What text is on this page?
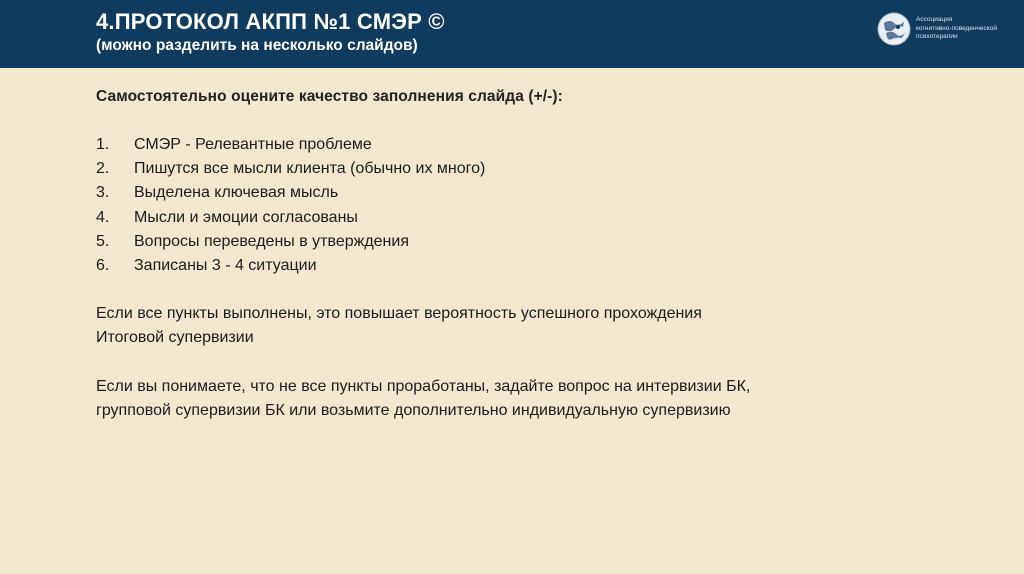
4.ПРОТОКОЛ АКПП №1 СМЭР ©
(можно разделить на несколько слайдов)
Ассоциация
когнитивно-поведенческой
психотерапии

Самостоятельно оцените качество заполнения слайда (+/-):

1.	СМЭР - Релевантные проблеме
2.	Пишутся все мысли клиента (обычно их много)
3.	Выделена ключевая мысль
4.	Мысли и эмоции согласованы
5.	Вопросы переведены в утверждения
6.	Записаны 3 - 4 ситуации

Если все пункты выполнены, это повышает вероятность успешного прохождения
Итоговой супервизии

Если вы понимаете, что не все пункты проработаны, задайте вопрос на интервизии БК,
групповой супервизии БК или возьмите дополнительно индивидуальную супервизию
